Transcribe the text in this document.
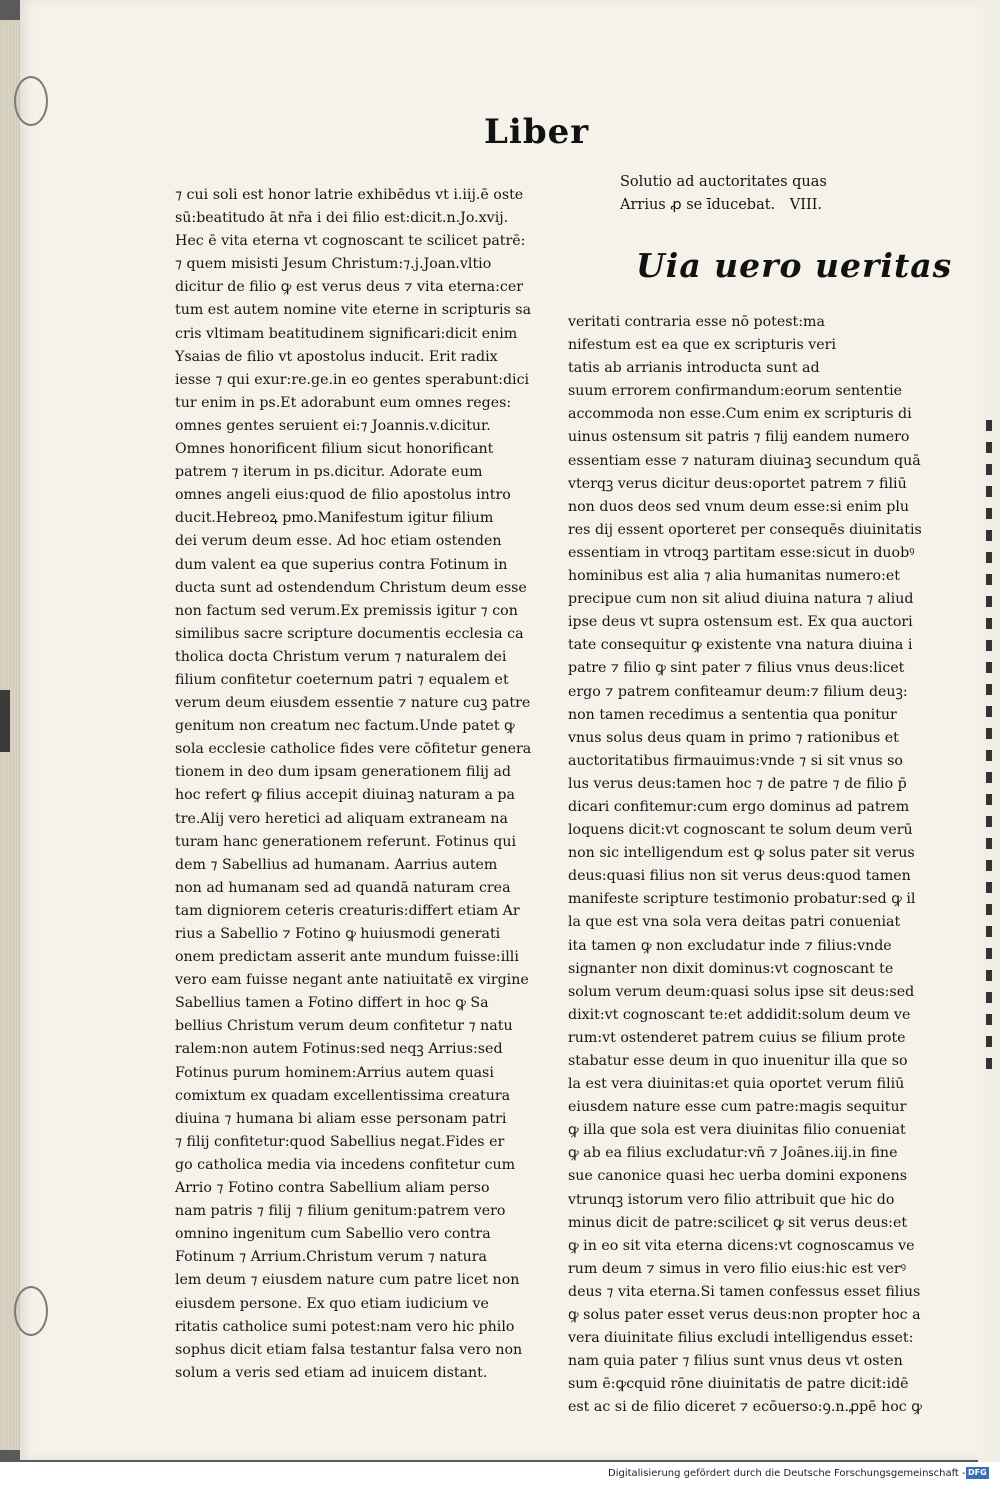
Liber
⁊ cui soli est honor latrie exhibēdus vt i.iij.ē oste
sū:beatitudo āt nr̄a i dei filio est:dicit.n.Jo.xvij.
Hec ē vita eterna vt cognoscant te scilicet patrē:
⁊ quem misisti Jesum Christum:⁊.j.Joan.vltio
dicitur de filio ꝙ est verus deus ⁊ vita eterna:cer
tum est autem nomine vite eterne in scripturis sa
cris vltimam beatitudinem significari:dicit enim
Ysaias de filio vt apostolus inducit. Erit radix
iesse ⁊ qui exur:re.ge.in eo gentes sperabunt:dici
tur enim in ps.Et adorabunt eum omnes reges:
omnes gentes seruient ei:⁊ Joannis.v.dicitur.
Omnes honorificent filium sicut honorificant
patrem ⁊ iterum in ps.dicitur. Adorate eum
omnes angeli eius:quod de filio apostolus intro
ducit.Hebreoꝝ pmo.Manifestum igitur filium
dei verum deum esse. Ad hoc etiam ostenden
dum valent ea que superius contra Fotinum in
ducta sunt ad ostendendum Christum deum esse
non factum sed verum.Ex premissis igitur ⁊ con
similibus sacre scripture documentis ecclesia ca
tholica docta Christum verum ⁊ naturalem dei
filium confitetur coeternum patri ⁊ equalem et
verum deum eiusdem essentie ⁊ nature cuꝫ patre
genitum non creatum nec factum.Unde patet ꝙ
sola ecclesie catholice fides vere cōfitetur genera
tionem in deo dum ipsam generationem filij ad
hoc refert ꝙ filius accepit diuinaꝫ naturam a pa
tre.Alij vero heretici ad aliquam extraneam na
turam hanc generationem referunt. Fotinus qui
dem ⁊ Sabellius ad humanam. Aarrius autem
non ad humanam sed ad quandā naturam crea
tam digniorem ceteris creaturis:differt etiam Ar
rius a Sabellio ⁊ Fotino ꝙ huiusmodi generati
onem predictam asserit ante mundum fuisse:illi
vero eam fuisse negant ante natiuitatē ex virgine
Sabellius tamen a Fotino differt in hoc ꝙ Sa
bellius Christum verum deum confitetur ⁊ natu
ralem:non autem Fotinus:sed neqꝫ Arrius:sed
Fotinus purum hominem:Arrius autem quasi
comixtum ex quadam excellentissima creatura
diuina ⁊ humana bi aliam esse personam patri
⁊ filij confitetur:quod Sabellius negat.Fides er
go catholica media via incedens confitetur cum
Arrio ⁊ Fotino contra Sabellium aliam perso
nam patris ⁊ filij ⁊ filium genitum:patrem vero
omnino ingenitum cum Sabellio vero contra
Fotinum ⁊ Arrium.Christum verum ⁊ natura
lem deum ⁊ eiusdem nature cum patre licet non
eiusdem persone. Ex quo etiam iudicium ve
ritatis catholice sumi potest:nam vero hic philo
sophus dicit etiam falsa testantur falsa vero non
solum a veris sed etiam ad inuicem distant.
Solutio ad auctoritates quas
Arrius ꝓ se īducebat. VIII.
Uia uero ueritas
veritati contraria esse nō potest:ma
nifestum est ea que ex scripturis veri
tatis ab arrianis introducta sunt ad
suum errorem confirmandum:eorum sententie
accommoda non esse.Cum enim ex scripturis di
uinus ostensum sit patris ⁊ filij eandem numero
essentiam esse ⁊ naturam diuinaꝫ secundum quā
vterqꝫ verus dicitur deus:oportet patrem ⁊ filiū
non duos deos sed vnum deum esse:si enim plu
res dij essent oporteret per consequēs diuinitatis
essentiam in vtroqꝫ partitam esse:sicut in duobꝰ
hominibus est alia ⁊ alia humanitas numero:et
precipue cum non sit aliud diuina natura ⁊ aliud
ipse deus vt supra ostensum est. Ex qua auctori
tate consequitur ꝙ existente vna natura diuina i
patre ⁊ filio ꝙ sint pater ⁊ filius vnus deus:licet
ergo ⁊ patrem confiteamur deum:⁊ filium deuꝫ:
non tamen recedimus a sententia qua ponitur
vnus solus deus quam in primo ⁊ rationibus et
auctoritatibus firmauimus:vnde ⁊ si sit vnus so
lus verus deus:tamen hoc ⁊ de patre ⁊ de filio p̄
dicari confitemur:cum ergo dominus ad patrem
loquens dicit:vt cognoscant te solum deum verū
non sic intelligendum est ꝙ solus pater sit verus
deus:quasi filius non sit verus deus:quod tamen
manifeste scripture testimonio probatur:sed ꝙ il
la que est vna sola vera deitas patri conueniat
ita tamen ꝙ non excludatur inde ⁊ filius:vnde
signanter non dixit dominus:vt cognoscant te
solum verum deum:quasi solus ipse sit deus:sed
dixit:vt cognoscant te:et addidit:solum deum ve
rum:vt ostenderet patrem cuius se filium prote
stabatur esse deum in quo inuenitur illa que so
la est vera diuinitas:et quia oportet verum filiū
eiusdem nature esse cum patre:magis sequitur
ꝙ illa que sola est vera diuinitas filio conueniat
ꝙ ab ea filius excludatur:vn̄ ⁊ Joānes.iij.in fine
sue canonice quasi hec uerba domini exponens
vtrunqꝫ istorum vero filio attribuit que hic do
minus dicit de patre:scilicet ꝙ sit verus deus:et
ꝙ in eo sit vita eterna dicens:vt cognoscamus ve
rum deum ⁊ simus in vero filio eius:hic est verꝰ
deus ⁊ vita eterna.Si tamen confessus esset filius
ꝙ solus pater esset verus deus:non propter hoc a
vera diuinitate filius excludi intelligendus esset:
nam quia pater ⁊ filius sunt vnus deus vt osten
sum ē:ꝙcquid rōne diuinitatis de patre dicit:idē
est ac si de filio diceret ⁊ ecōuerso:ꝯ.n.ꝓpē hoc ꝙ
Digitalisierung gefördert durch die Deutsche Forschungsgemeinschaft - DFG
